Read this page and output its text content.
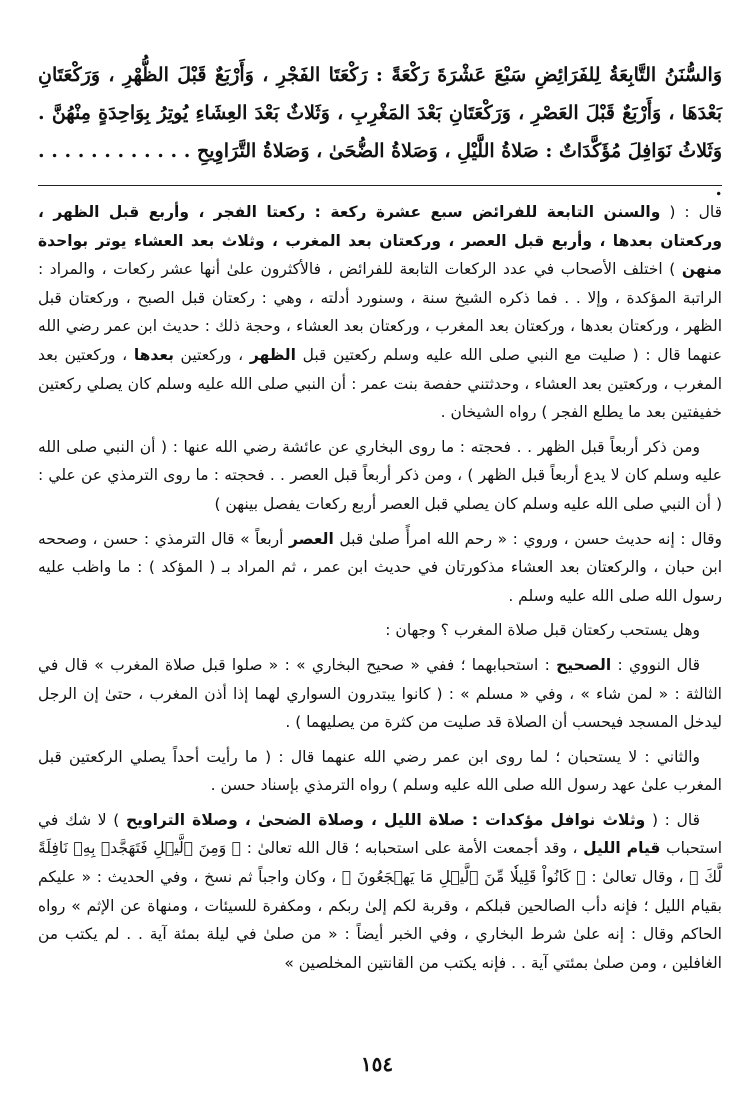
وَالسُّنَنُ التَّابِعَةُ لِلفَرَائِضِ سَبْعَ عَشْرَةَ رَكْعَةً : رَكْعَتَا الفَجْرِ ، وَأَرْبَعٌ قَبْلَ الظُّهْرِ ، وَرَكْعَتَانِ بَعْدَهَا ، وَأَرْبَعٌ قَبْلَ العَصْرِ ، وَرَكْعَتَانِ بَعْدَ المَغْرِبِ ، وَثَلاثٌ بَعْدَ العِشَاءِ يُوتِرُ بِوَاحِدَةٍ مِنْهُنَّ . وَثَلاثُ نَوَافِلَ مُؤَكَّدَاتٌ : صَلاةُ اللَّيْلِ ، وَصَلاةُ الضُّحَىٰ ، وَصَلاةُ التَّرَاوِيحِ . . . . . . . . . . . . .

قال : ( والسنن التابعة للفرائض سبع عشرة ركعة : ركعتا الفجر ، وأربع قبل الظهر ، وركعتان بعدها ، وأربع قبل العصر ، وركعتان بعد المغرب ، وثلاث بعد العشاء يوتر بواحدة منهن ) اختلف الأصحاب في عدد الركعات التابعة للفرائض ، فالأكثرون علىٰ أنها عشر ركعات ، والمراد : الراتبة المؤكدة ، وإلا . . فما ذكره الشيخ سنة ، وسنورد أدلته ، وهي : ركعتان قبل الصبح ، وركعتان قبل الظهر ، وركعتان بعدها ، وركعتان بعد المغرب ، وركعتان بعد العشاء ، وحجة ذلك : حديث ابن عمر رضي الله عنهما قال : ( صليت مع النبي صلى الله عليه وسلم ركعتين قبل الظهر ، وركعتين بعدها ، وركعتين بعد المغرب ، وركعتين بعد العشاء ، وحدثتني حفصة بنت عمر : أن النبي صلى الله عليه وسلم كان يصلي ركعتين خفيفتين بعد ما يطلع الفجر ) رواه الشيخان .

ومن ذكر أربعاً قبل الظهر . . فحجته : ما روى البخاري عن عائشة رضي الله عنها : ( أن النبي صلى الله عليه وسلم كان لا يدع أربعاً قبل الظهر ) ، ومن ذكر أربعاً قبل العصر . . فحجته : ما روى الترمذي عن علي : ( أن النبي صلى الله عليه وسلم كان يصلي قبل العصر أربع ركعات يفصل بينهن )

وقال : إنه حديث حسن ، وروي : « رحم الله امرأً صلىٰ قبل العصر أربعاً » قال الترمذي : حسن ، وصححه ابن حبان ، والركعتان بعد العشاء مذكورتان في حديث ابن عمر ، ثم المراد بـ ( المؤكد ) : ما واظب عليه رسول الله صلى الله عليه وسلم .

وهل يستحب ركعتان قبل صلاة المغرب ؟ وجهان :

قال النووي : الصحيح : استحبابهما ؛ ففي « صحيح البخاري » : « صلوا قبل صلاة المغرب » قال في الثالثة : « لمن شاء » ، وفي « مسلم » : ( كانوا يبتدرون السواري لهما إذا أذن المغرب ، حتىٰ إن الرجل ليدخل المسجد فيحسب أن الصلاة قد صليت من كثرة من يصليهما ) .

والثاني : لا يستحبان ؛ لما روى ابن عمر رضي الله عنهما قال : ( ما رأيت أحداً يصلي الركعتين قبل المغرب علىٰ عهد رسول الله صلى الله عليه وسلم ) رواه الترمذي بإسناد حسن .

قال : ( وثلاث نوافل مؤكدات : صلاة الليل ، وصلاة الضحىٰ ، وصلاة التراويح ) لا شك في استحباب قيام الليل ، وقد أجمعت الأمة على استحبابه ؛ قال الله تعالىٰ : ﴿ وَمِنَ ٱلَّيۡلِ فَتَهَجَّدۡ بِهِۦ نَافِلَةً لَّكَ ﴾ ، وقال تعالىٰ : ﴿ كَانُواْ قَلِيلٗا مِّنَ ٱلَّيۡلِ مَا يَهۡجَعُونَ ﴾ ، وكان واجباً ثم نسخ ، وفي الحديث : « عليكم بقيام الليل ؛ فإنه دأب الصالحين قبلكم ، وقربة لكم إلىٰ ربكم ، ومكفرة للسيئات ، ومنهاة عن الإثم » رواه الحاكم وقال : إنه علىٰ شرط البخاري ، وفي الخبر أيضاً : « من صلىٰ في ليلة بمئة آية . . لم يكتب من الغافلين ، ومن صلىٰ بمئتي آية . . فإنه يكتب من القانتين المخلصين »

١٥٤
